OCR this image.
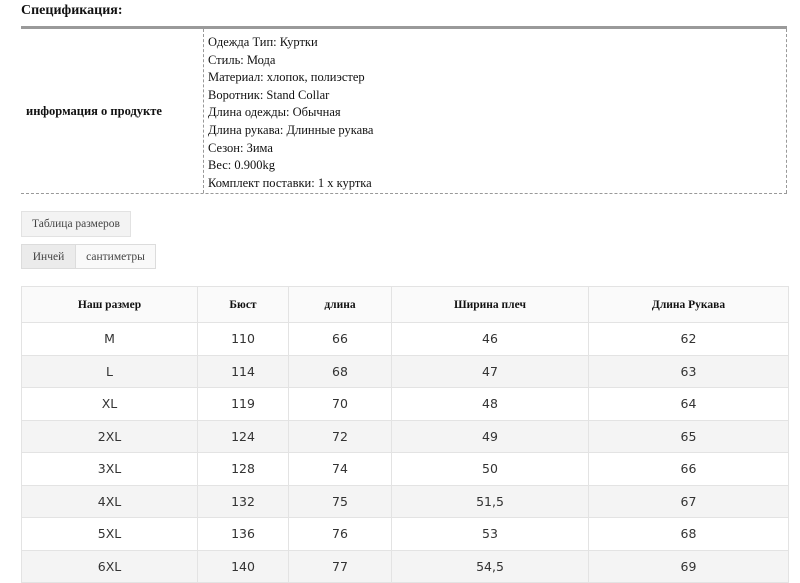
Спецификация:
информация о продукте
Одежда Тип: Куртки
Стиль: Мода
Материал: хлопок, полиэстер
Воротник: Stand Collar
Длина одежды: Обычная
Длина рукава: Длинные рукава
Сезон: Зима
Вес: 0.900kg
Комплект поставки: 1 x куртка
Таблица размеров
Инчей	сантиметры
Наш размер	Бюст	длина	Ширина плеч	Длина Рукава
M	110	66	46	62
L	114	68	47	63
XL	119	70	48	64
2XL	124	72	49	65
3XL	128	74	50	66
4XL	132	75	51,5	67
5XL	136	76	53	68
6XL	140	77	54,5	69
